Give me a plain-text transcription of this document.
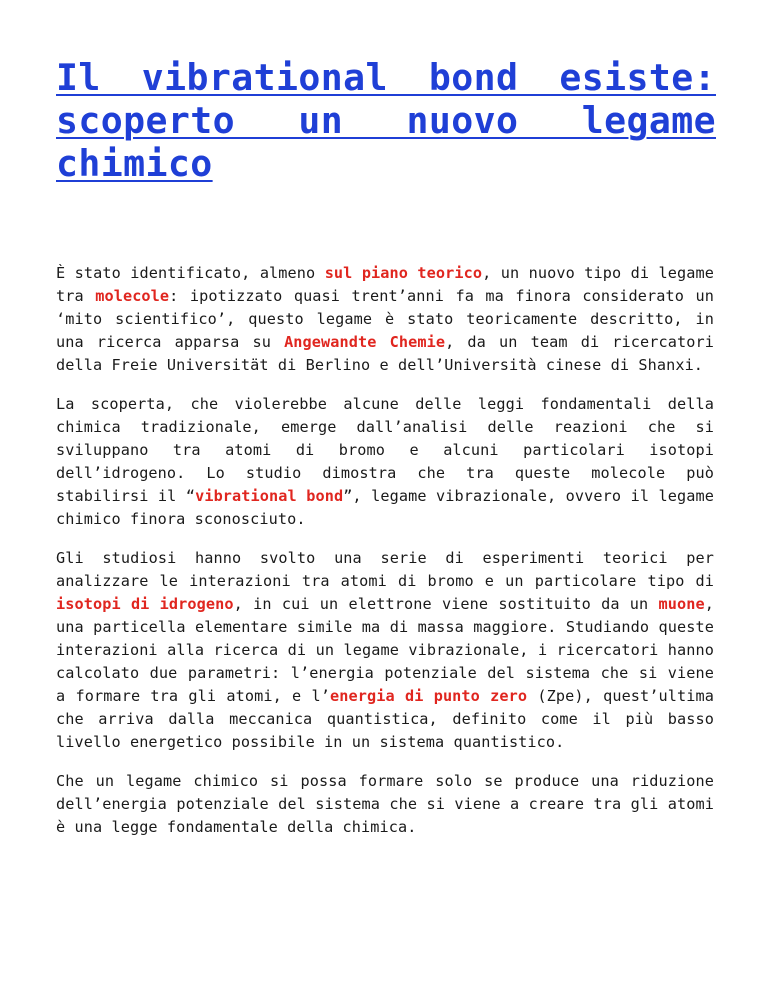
Il vibrational bond esiste: scoperto un nuovo legame chimico

È stato identificato, almeno sul piano teorico, un nuovo tipo di legame tra molecole: ipotizzato quasi trent’anni fa ma finora considerato un ‘mito scientifico’, questo legame è stato teoricamente descritto, in una ricerca apparsa su Angewandte Chemie, da un team di ricercatori della Freie Universität di Berlino e dell’Università cinese di Shanxi.

La scoperta, che violerebbe alcune delle leggi fondamentali della chimica tradizionale, emerge dall’analisi delle reazioni che si sviluppano tra atomi di bromo e alcuni particolari isotopi dell’idrogeno. Lo studio dimostra che tra queste molecole può stabilirsi il “vibrational bond”, legame vibrazionale, ovvero il legame chimico finora sconosciuto.

Gli studiosi hanno svolto una serie di esperimenti teorici per analizzare le interazioni tra atomi di bromo e un particolare tipo di isotopi di idrogeno, in cui un elettrone viene sostituito da un muone, una particella elementare simile ma di massa maggiore. Studiando queste interazioni alla ricerca di un legame vibrazionale, i ricercatori hanno calcolato due parametri: l’energia potenziale del sistema che si viene a formare tra gli atomi, e l’energia di punto zero (Zpe), quest’ultima che arriva dalla meccanica quantistica, definito come il più basso livello energetico possibile in un sistema quantistico.

Che un legame chimico si possa formare solo se produce una riduzione dell’energia potenziale del sistema che si viene a creare tra gli atomi è una legge fondamentale della chimica.
